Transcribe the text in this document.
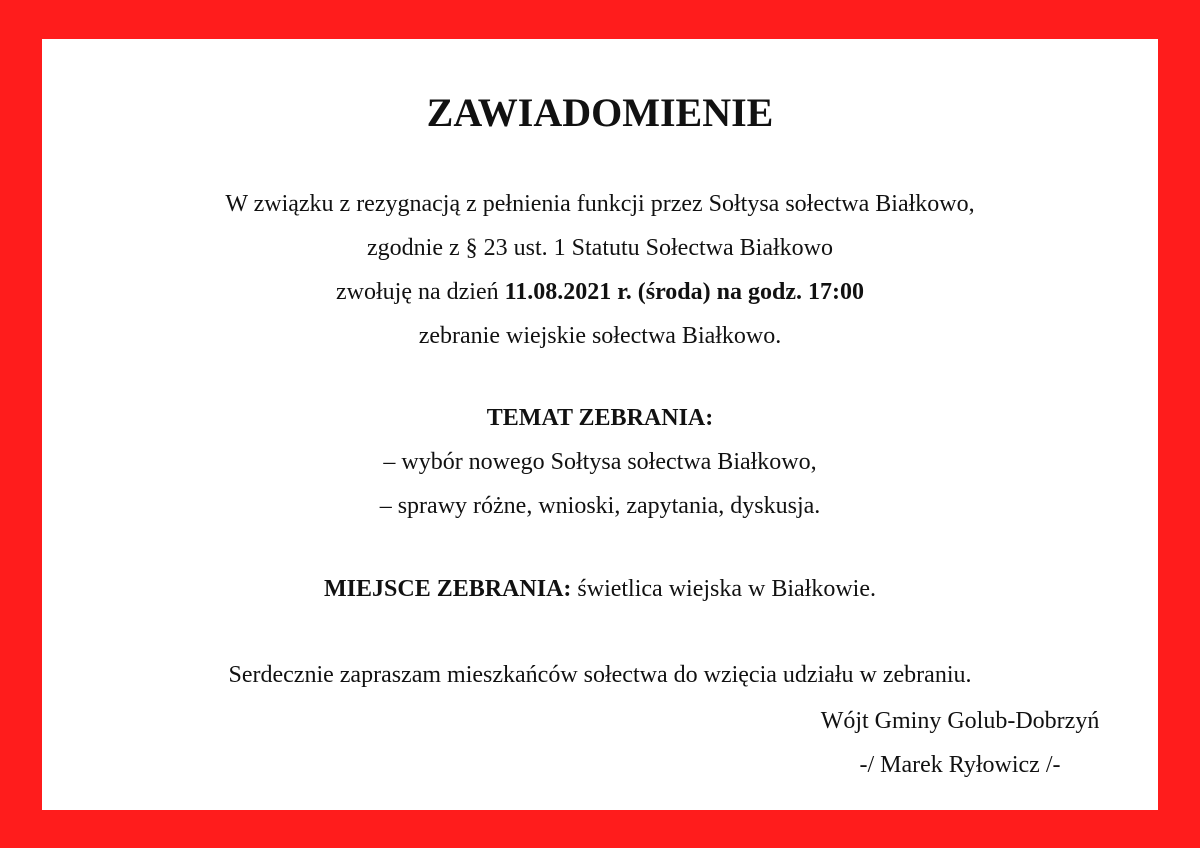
ZAWIADOMIENIE

W związku z rezygnacją z pełnienia funkcji przez Sołtysa sołectwa Białkowo,

zgodnie z § 23 ust. 1 Statutu Sołectwa Białkowo

zwołuję na dzień 11.08.2021 r. (środa) na godz. 17:00

zebranie wiejskie sołectwa Białkowo.

TEMAT ZEBRANIA:

– wybór nowego Sołtysa sołectwa Białkowo,

– sprawy różne, wnioski, zapytania, dyskusja.

MIEJSCE ZEBRANIA: świetlica wiejska w Białkowie.

Serdecznie zapraszam mieszkańców sołectwa do wzięcia udziału w zebraniu.

Wójt Gminy Golub-Dobrzyń

-/ Marek Ryłowicz /-
